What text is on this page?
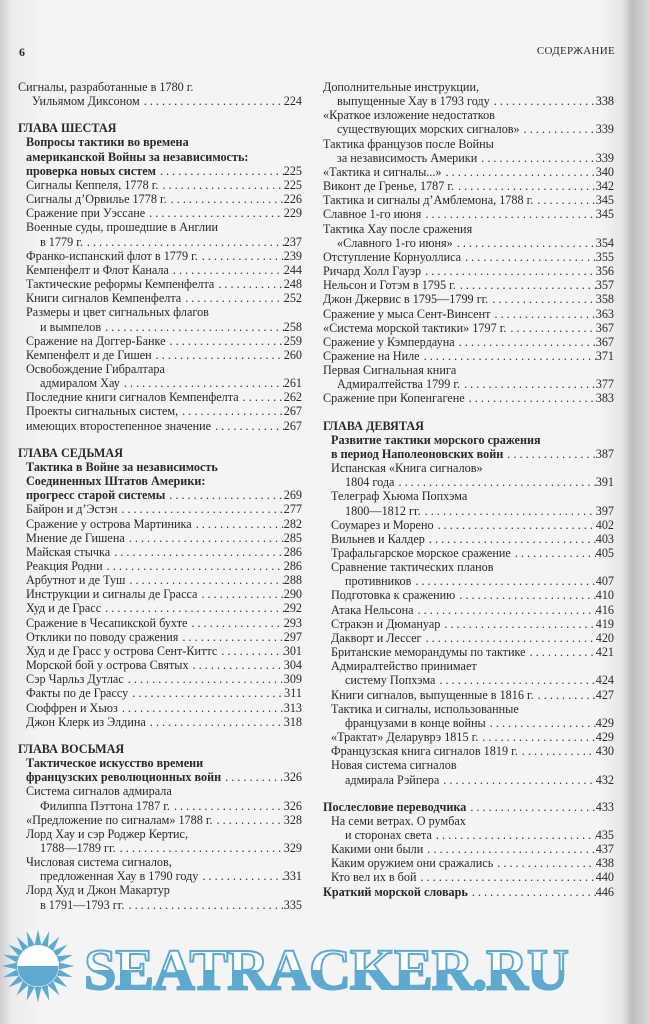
6	СОДЕРЖАНИЕ
Сигналы, разработанные в 1780 г.
Уильямом Диксоном . . .	224
ГЛАВА ШЕСТАЯ
Вопросы тактики во времена
американской Войны за независимость:
проверка новых систем . . .	225
Сигналы Кеппеля, 1778 г. . . .	225
Сигналы д’Орвилье 1778 г. . . .	226
Сражение при Уэссане . . .	229
Военные суды, прошедшие в Англии
в 1779 г. . . .	237
Франко-испанский флот в 1779 г. . . .	239
Кемпенфелт и Флот Канала . . .	244
Тактические реформы Кемпенфелта . . .	248
Книги сигналов Кемпенфелта . . .	252
Размеры и цвет сигнальных флагов
и вымпелов . . .	258
Сражение на Доггер-Банке . . .	259
Кемпенфелт и де Гишен . . .	260
Освобождение Гибралтара
адмиралом Хау . . .	261
Последние книги сигналов Кемпенфелта . . .	262
Проекты сигнальных систем, . . .	267
имеющих второстепенное значение . . .	267
ГЛАВА СЕДЬМАЯ
Тактика в Войне за независимость
Соединенных Штатов Америки:
прогресс старой системы . . .	269
Байрон и д’Эстэн . . .	277
Сражение у острова Мартиника . . .	282
Мнение де Гишена . . .	285
Майская стычка . . .	286
Реакция Родни . . .	286
Арбутнот и де Туш . . .	288
Инструкции и сигналы де Грасса . . .	290
Худ и де Грасс . . .	292
Сражение в Чесапикской бухте . . .	293
Отклики по поводу сражения . . .	297
Худ и де Грасс у острова Сент-Киттс . . .	301
Морской бой у острова Святых . . .	304
Сэр Чарльз Дутлас . . .	309
Факты по де Грассу . . .	311
Сюффрен и Хьюз . . .	313
Джон Клерк из Элдина . . .	318
ГЛАВА ВОСЬМАЯ
Тактическое искусство времени
французских революционных войн . . .	326
Система сигналов адмирала
Филиппа Пэттона 1787 г. . . .	326
«Предложение по сигналам» 1788 г. . . .	328
Лорд Хау и сэр Роджер Кертис,
1788—1789 гг. . . .	329
Числовая система сигналов,
предложенная Хау в 1790 году . . .	331
Лорд Худ и Джон Макартур
в 1791—1793 гг. . . .	335
Дополнительные инструкции,
выпущенные Хау в 1793 году . . .	338
«Краткое изложение недостатков
существующих морских сигналов» . . .	339
Тактика французов после Войны
за независимость Америки . . .	339
«Тактика и сигналы...» . . .	340
Виконт де Гренье, 1787 г. . . .	342
Тактика и сигналы д’Амблемона, 1788 г. . . .	345
Славное 1-го июня . . .	345
Тактика Хау после сражения
«Славного 1-го июня» . . .	354
Отступление Корнуоллиса . . .	355
Ричард Холл Гауэр . . .	356
Нельсон и Готэм в 1795 г. . . .	357
Джон Джервис в 1795—1799 гг. . . .	358
Сражение у мыса Сент-Винсент . . .	363
«Система морской тактики» 1797 г. . . .	367
Сражение у Кэмпердауна . . .	367
Сражение на Ниле . . .	371
Первая Сигнальная книга
Адмиралтейства 1799 г. . . .	377
Сражение при Копенгагене . . .	383
ГЛАВА ДЕВЯТАЯ
Развитие тактики морского сражения
в период Наполеоновских войн . . .	387
Испанская «Книга сигналов»
1804 года . . .	391
Телеграф Хьюма Попхэма
1800—1812 гг. . . .	397
Соумарез и Морено . . .	402
Вильнев и Калдер . . .	403
Трафальгарское морское сражение . . .	405
Сравнение тактических планов
противников . . .	407
Подготовка к сражению . . .	410
Атака Нельсона . . .	416
Стракэн и Дюмануар . . .	419
Дакворт и Лессег . . .	420
Британские меморандумы по тактике . . .	421
Адмиралтейство принимает
систему Попхэма . . .	424
Книги сигналов, выпущенные в 1816 г. . . .	427
Тактика и сигналы, использованные
французами в конце войны . . .	429
«Трактат» Деларуврэ 1815 г. . . .	429
Французская книга сигналов 1819 г. . . .	430
Новая система сигналов
адмирала Рэйпера . . .	432
Послесловие переводчика . . .	433
На семи ветрах. О румбах
и сторонах света . . .	435
Какими они были . . .	437
Каким оружием они сражались . . .	438
Кто вел их в бой . . .	440
Краткий морской словарь . . .	446
SEATRACKER.RU
